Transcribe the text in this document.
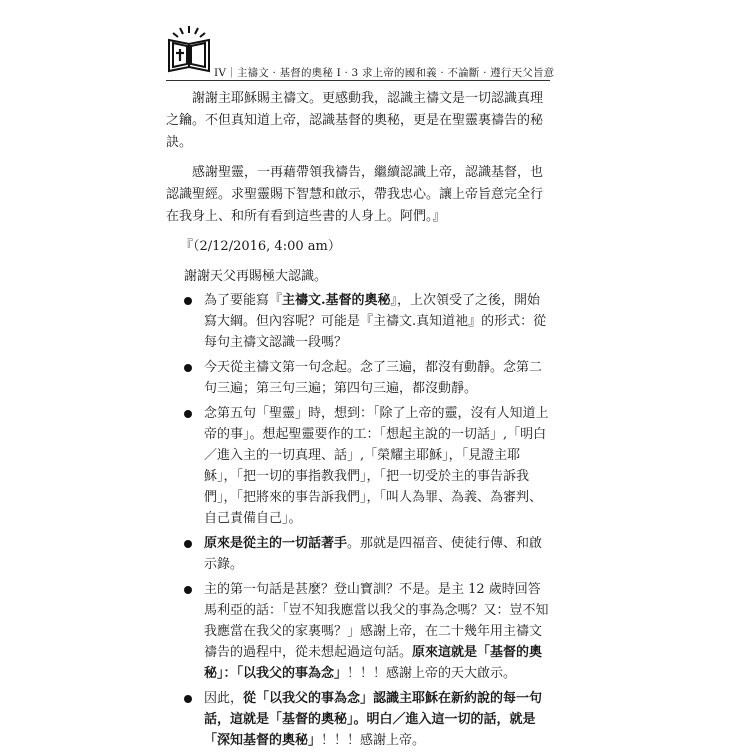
IV｜主禱文 · 基督的奧秘 I · 3 求上帝的國和義 · 不論斷 · 遵行天父旨意

謝謝主耶穌賜主禱文。更感動我，認識主禱文是一切認識真理之鑰。不但真知道上帝，認識基督的奧秘，更是在聖靈裏禱告的秘訣。

感謝聖靈，一再藉帶領我禱告，繼續認識上帝，認識基督，也認識聖經。求聖靈賜下智慧和啟示，帶我忠心。讓上帝旨意完全行在我身上、和所有看到這些書的人身上。阿們。』

『（2/12/2016, 4:00 am）

謝謝天父再賜極大認識。

為了要能寫『主禱文.基督的奧秘』，上次領受了之後，開始寫大綱。但內容呢？可能是『主禱文.真知道祂』的形式：從每句主禱文認識一段嗎？
今天從主禱文第一句念起。念了三遍，都沒有動靜。念第二句三遍；第三句三遍；第四句三遍，都沒動靜。
念第五句「聖靈」時，想到：「除了上帝的靈，沒有人知道上帝的事」。想起聖靈要作的工：「想起主說的一切話」,「明白／進入主的一切真理、話」,「榮耀主耶穌」，「見證主耶穌」，「把一切的事指教我們」，「把一切受於主的事告訴我們」，「把將來的事告訴我們」，「叫人為罪、為義、為審判、自己責備自己」。
原來是從主的一切話著手。那就是四福音、使徒行傳、和啟示錄。
主的第一句話是甚麼？登山寶訓？不是。是主 12 歲時回答馬利亞的話：「豈不知我應當以我父的事為念嗎？又：豈不知我應當在我父的家裏嗎？」感謝上帝，在二十幾年用主禱文禱告的過程中，從未想起過這句話。原來這就是「基督的奧秘」：「以我父的事為念」！！！感謝上帝的天大啟示。
因此，從「以我父的事為念」認識主耶穌在新約說的每一句話，這就是「基督的奧秘」。明白／進入這一切的話，就是「深知基督的奧秘」！！！感謝上帝。
